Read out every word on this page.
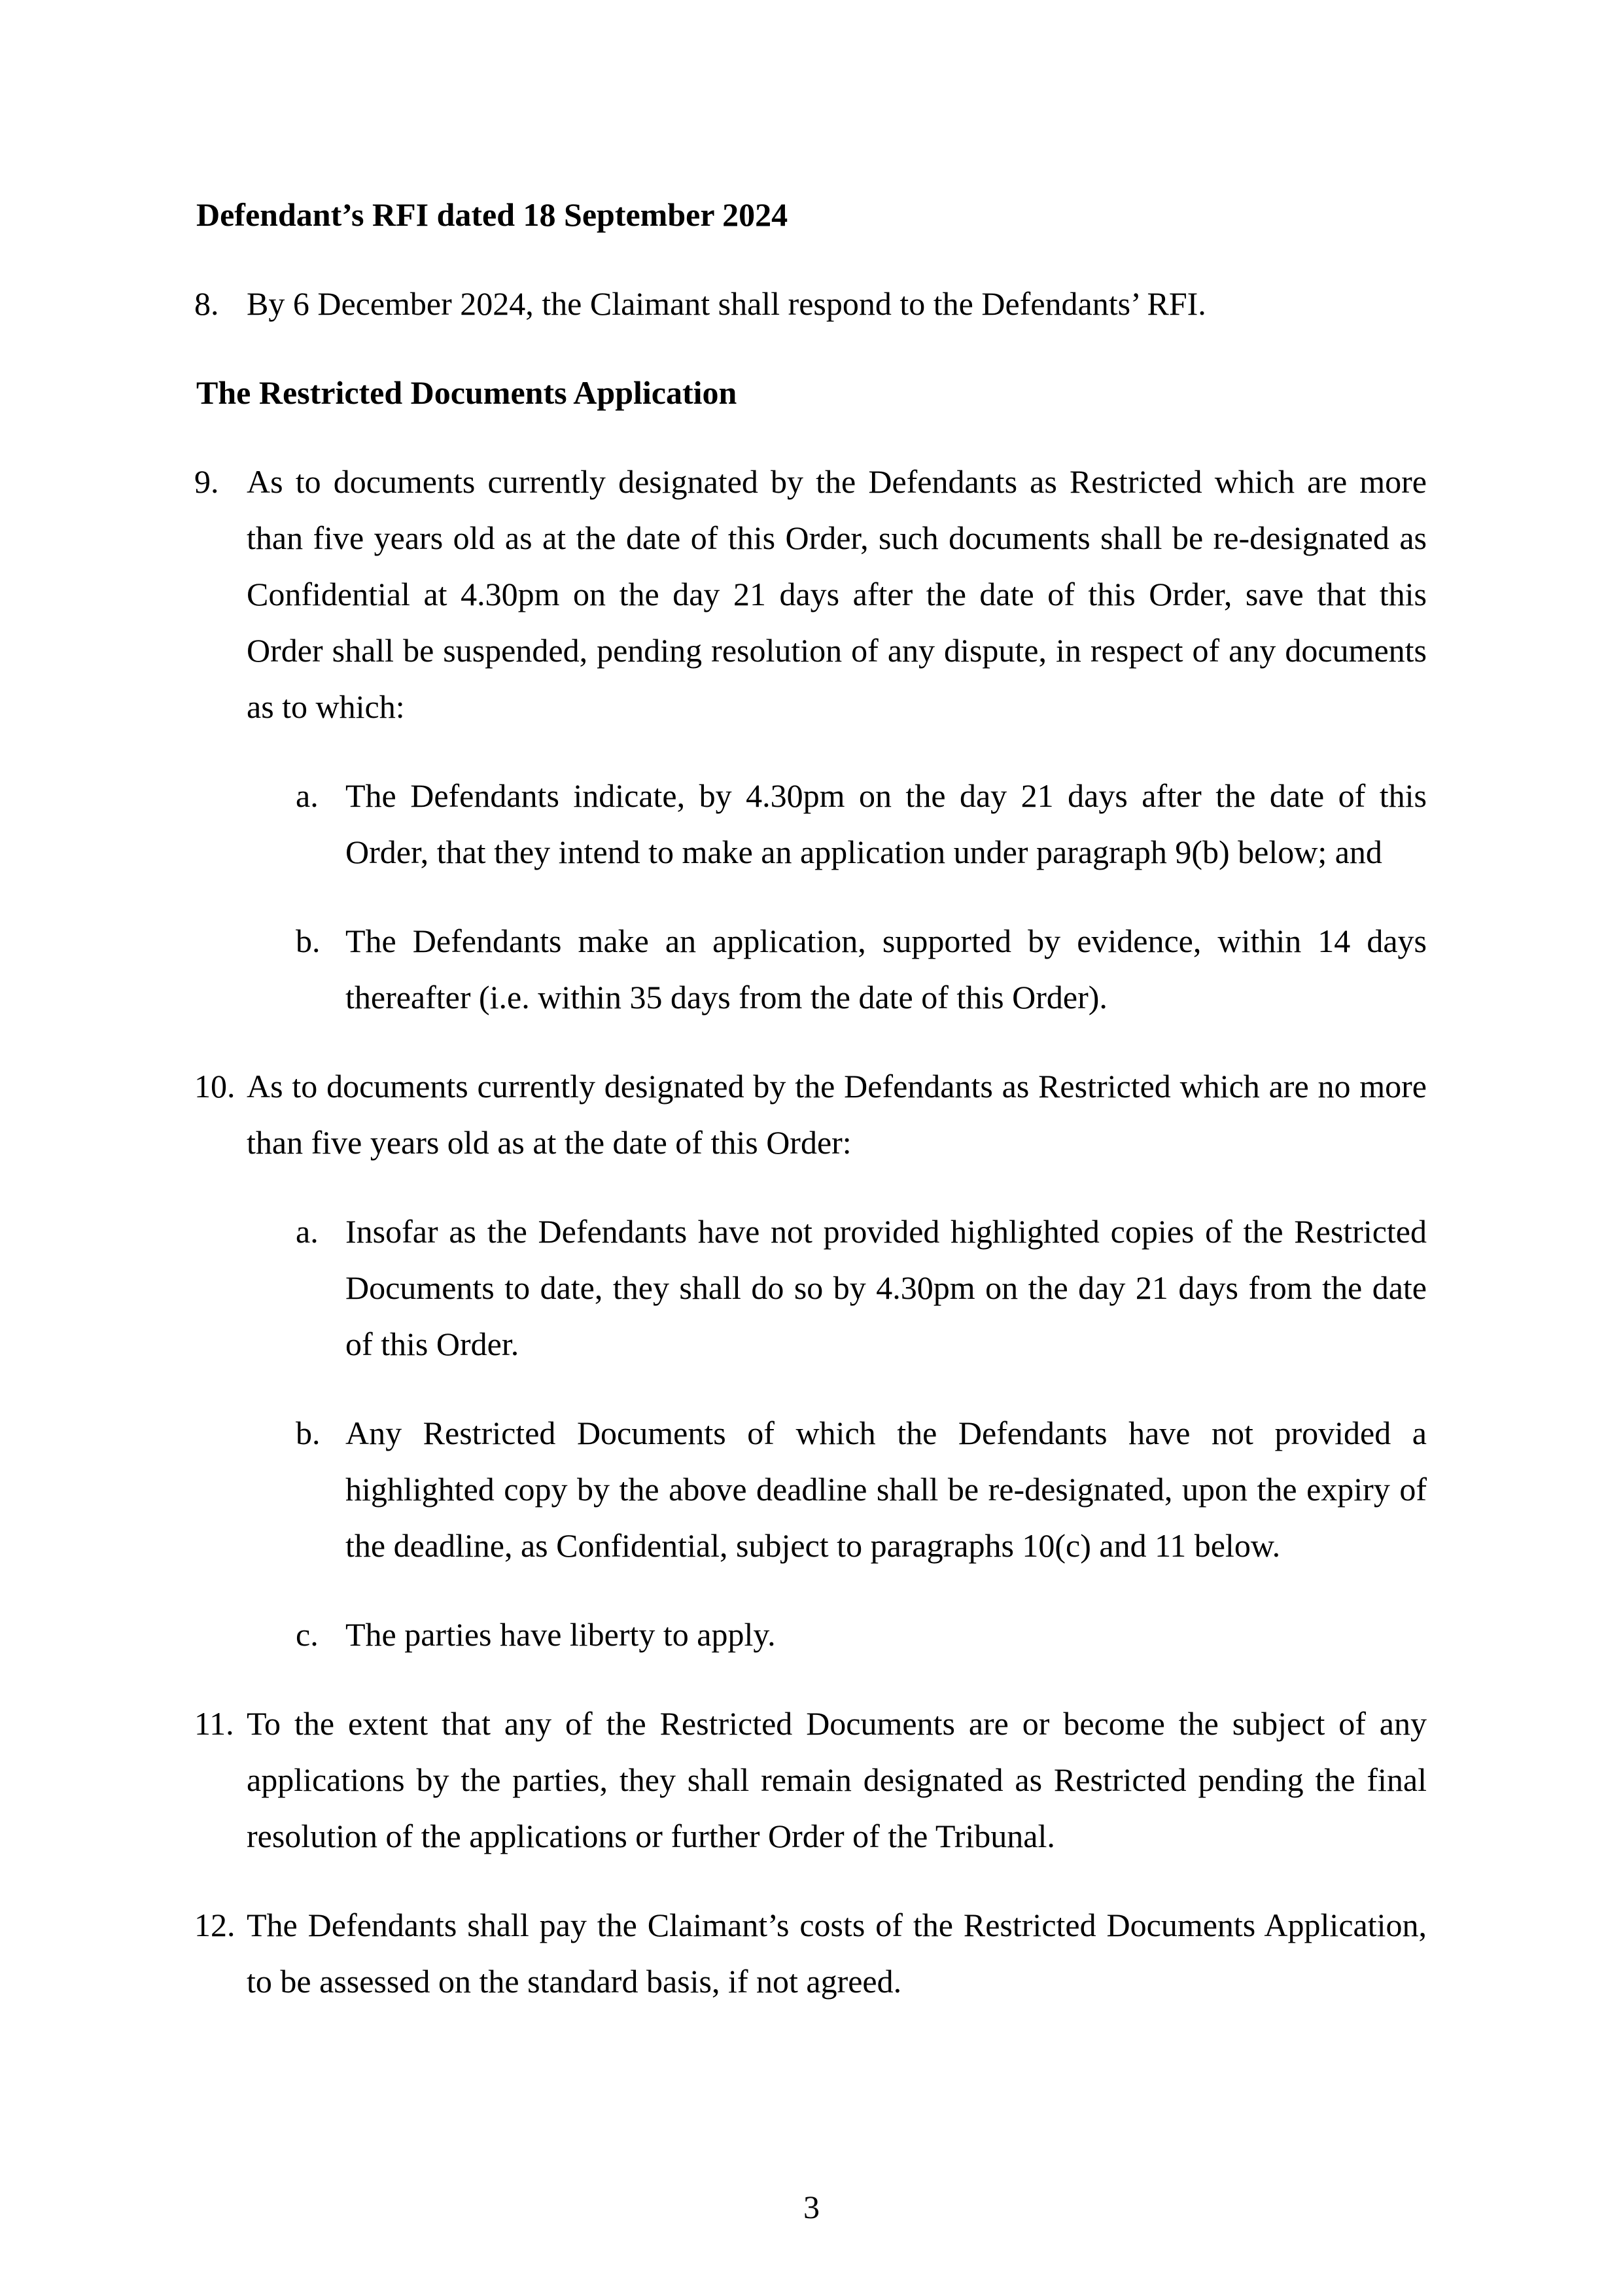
Defendant’s RFI dated 18 September 2024
8. By 6 December 2024, the Claimant shall respond to the Defendants’ RFI.
The Restricted Documents Application
9. As to documents currently designated by the Defendants as Restricted which are more than five years old as at the date of this Order, such documents shall be re-designated as Confidential at 4.30pm on the day 21 days after the date of this Order, save that this Order shall be suspended, pending resolution of any dispute, in respect of any documents as to which:
a. The Defendants indicate, by 4.30pm on the day 21 days after the date of this Order, that they intend to make an application under paragraph 9(b) below; and
b. The Defendants make an application, supported by evidence, within 14 days thereafter (i.e. within 35 days from the date of this Order).
10. As to documents currently designated by the Defendants as Restricted which are no more than five years old as at the date of this Order:
a. Insofar as the Defendants have not provided highlighted copies of the Restricted Documents to date, they shall do so by 4.30pm on the day 21 days from the date of this Order.
b. Any Restricted Documents of which the Defendants have not provided a highlighted copy by the above deadline shall be re-designated, upon the expiry of the deadline, as Confidential, subject to paragraphs 10(c) and 11 below.
c. The parties have liberty to apply.
11. To the extent that any of the Restricted Documents are or become the subject of any applications by the parties, they shall remain designated as Restricted pending the final resolution of the applications or further Order of the Tribunal.
12. The Defendants shall pay the Claimant’s costs of the Restricted Documents Application, to be assessed on the standard basis, if not agreed.
3
